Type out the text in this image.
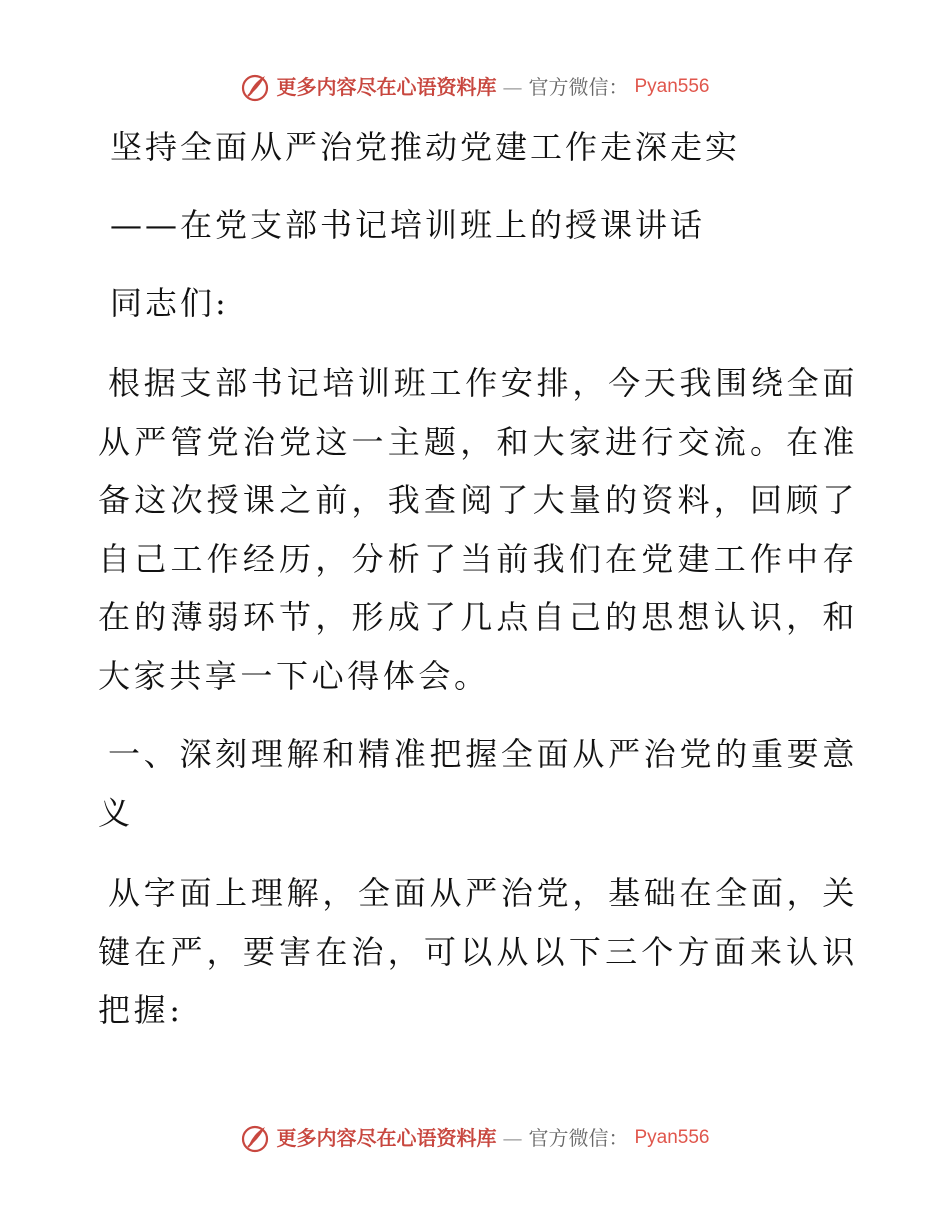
更多内容尽在心语资料库 — 官方微信： Pyan556

坚持全面从严治党推动党建工作走深走实

——在党支部书记培训班上的授课讲话

同志们:

根据支部书记培训班工作安排，今天我围绕全面从严管党治党这一主题，和大家进行交流。在准备这次授课之前，我查阅了大量的资料，回顾了自己工作经历，分析了当前我们在党建工作中存在的薄弱环节，形成了几点自己的思想认识，和大家共享一下心得体会。

一、深刻理解和精准把握全面从严治党的重要意义

从字面上理解，全面从严治党，基础在全面，关键在严，要害在治，可以从以下三个方面来认识把握:

更多内容尽在心语资料库 — 官方微信： Pyan556
